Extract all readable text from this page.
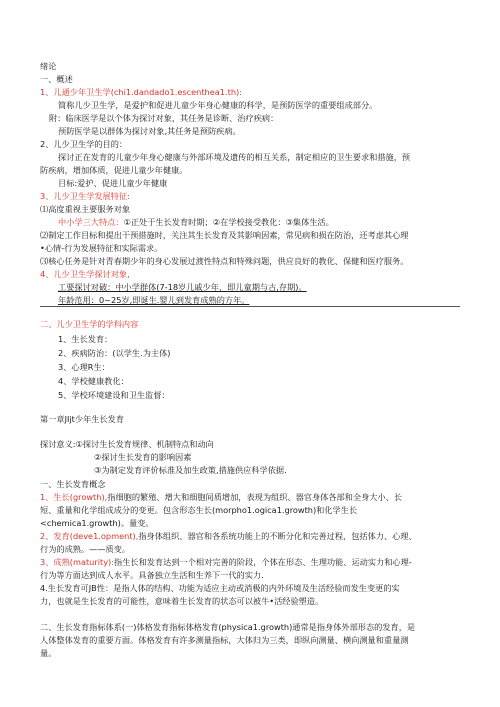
绪论
一、概述
1、儿通少年卫生学(chi1.dandado1.escenthea1.th):
简称儿少卫生学，是爱护和促进儿童少年身心健康的科学，是预防医学的重要组成部分。
附：临床医学是以个体为探讨对象，其任务是诊断、治疗疾病：
预防医学是以群体为探讨对象,其任务是预防疾病。
2、儿少卫生学的目的：
探讨正在发育的儿童少年身心健康与外部环境及遗传的相互关系，制定相应的卫生要求和措施，预
防疾病，增加体质，促进儿童少年健康。
目标:爱护、促进儿童少年健康
3、儿少卫生学发展特征:
⑴高度重视主要服务对象
中小学三大特点：①正处于生长发育时期；②在学校接受教化：③集体生活。
⑵制定工作目标和提出干预措施时，关注其生长发育及其影响因素，常见病和损在防治，还考虑其心理
•心情-行为发展特征和实际需求。
⑶核心任务是针对青春期少年的身心发展过渡性特点和特殊问题，供应良好的教化、保健和医疗服务。
4、儿少卫生学探讨对象,
工要探讨对破：中小学群体(7-18岁儿戚少年，即儿童期与古,存期)。
年龄范用：0~25岁,即诞生.婴儿到发育成熟的方年。
二、儿少卫生学的学科内容
1、生长发育：
2、疾病防治：(以学生.为主体)
3、心理R生：
4、学校健康教化：
5、学校环境建设和卫生监督：
第一章JIjt少年生长发育
探讨意义:①探讨生长发育规律、机制特点和动向
②探讨生长发育的影响因素
③为制定发育评价标准及加生政策,措施供应科学依据.
一、生长发育概念
1、生长(growth),指细胞的繁殖、增大和细胞间质增加，表现为组织、器官身体各部和全身大小、长
短、重量和化学组成成分的变更。包含形态生长(morpho1.ogica1.growth)和化学生长
<chemica1.growth)。量变。
2、发育(deve1.opment),指身体组织、器官和各系统功能上的不断分化和完善过程，包括体力、心理、
行为的成熟。——质变。
3、成熟(maturity):指生长和发育达到一个相对完善的阶段，个体在形态、生理功能、运动实力和心理-
行为等方面达到成人水平。具备独立生活和生养下一代的实力.
4.生长发育可JB性：是指人体的结构、功能为适应主动或消极的内外环境及生活经验而发生变更的实
力，也就是生长发育的可能性，意味着生长发育的状态可以被牛•活经验塑造。
二、生长发育指标体系(一)体格发育指标体格发育(physica1.growth)通常是指身体外部形态的发育，是
人体整体发育的重要方面。体格发育有许多测量指标，大体归为三类，即纵向测量、横向测量和重量测
量。
